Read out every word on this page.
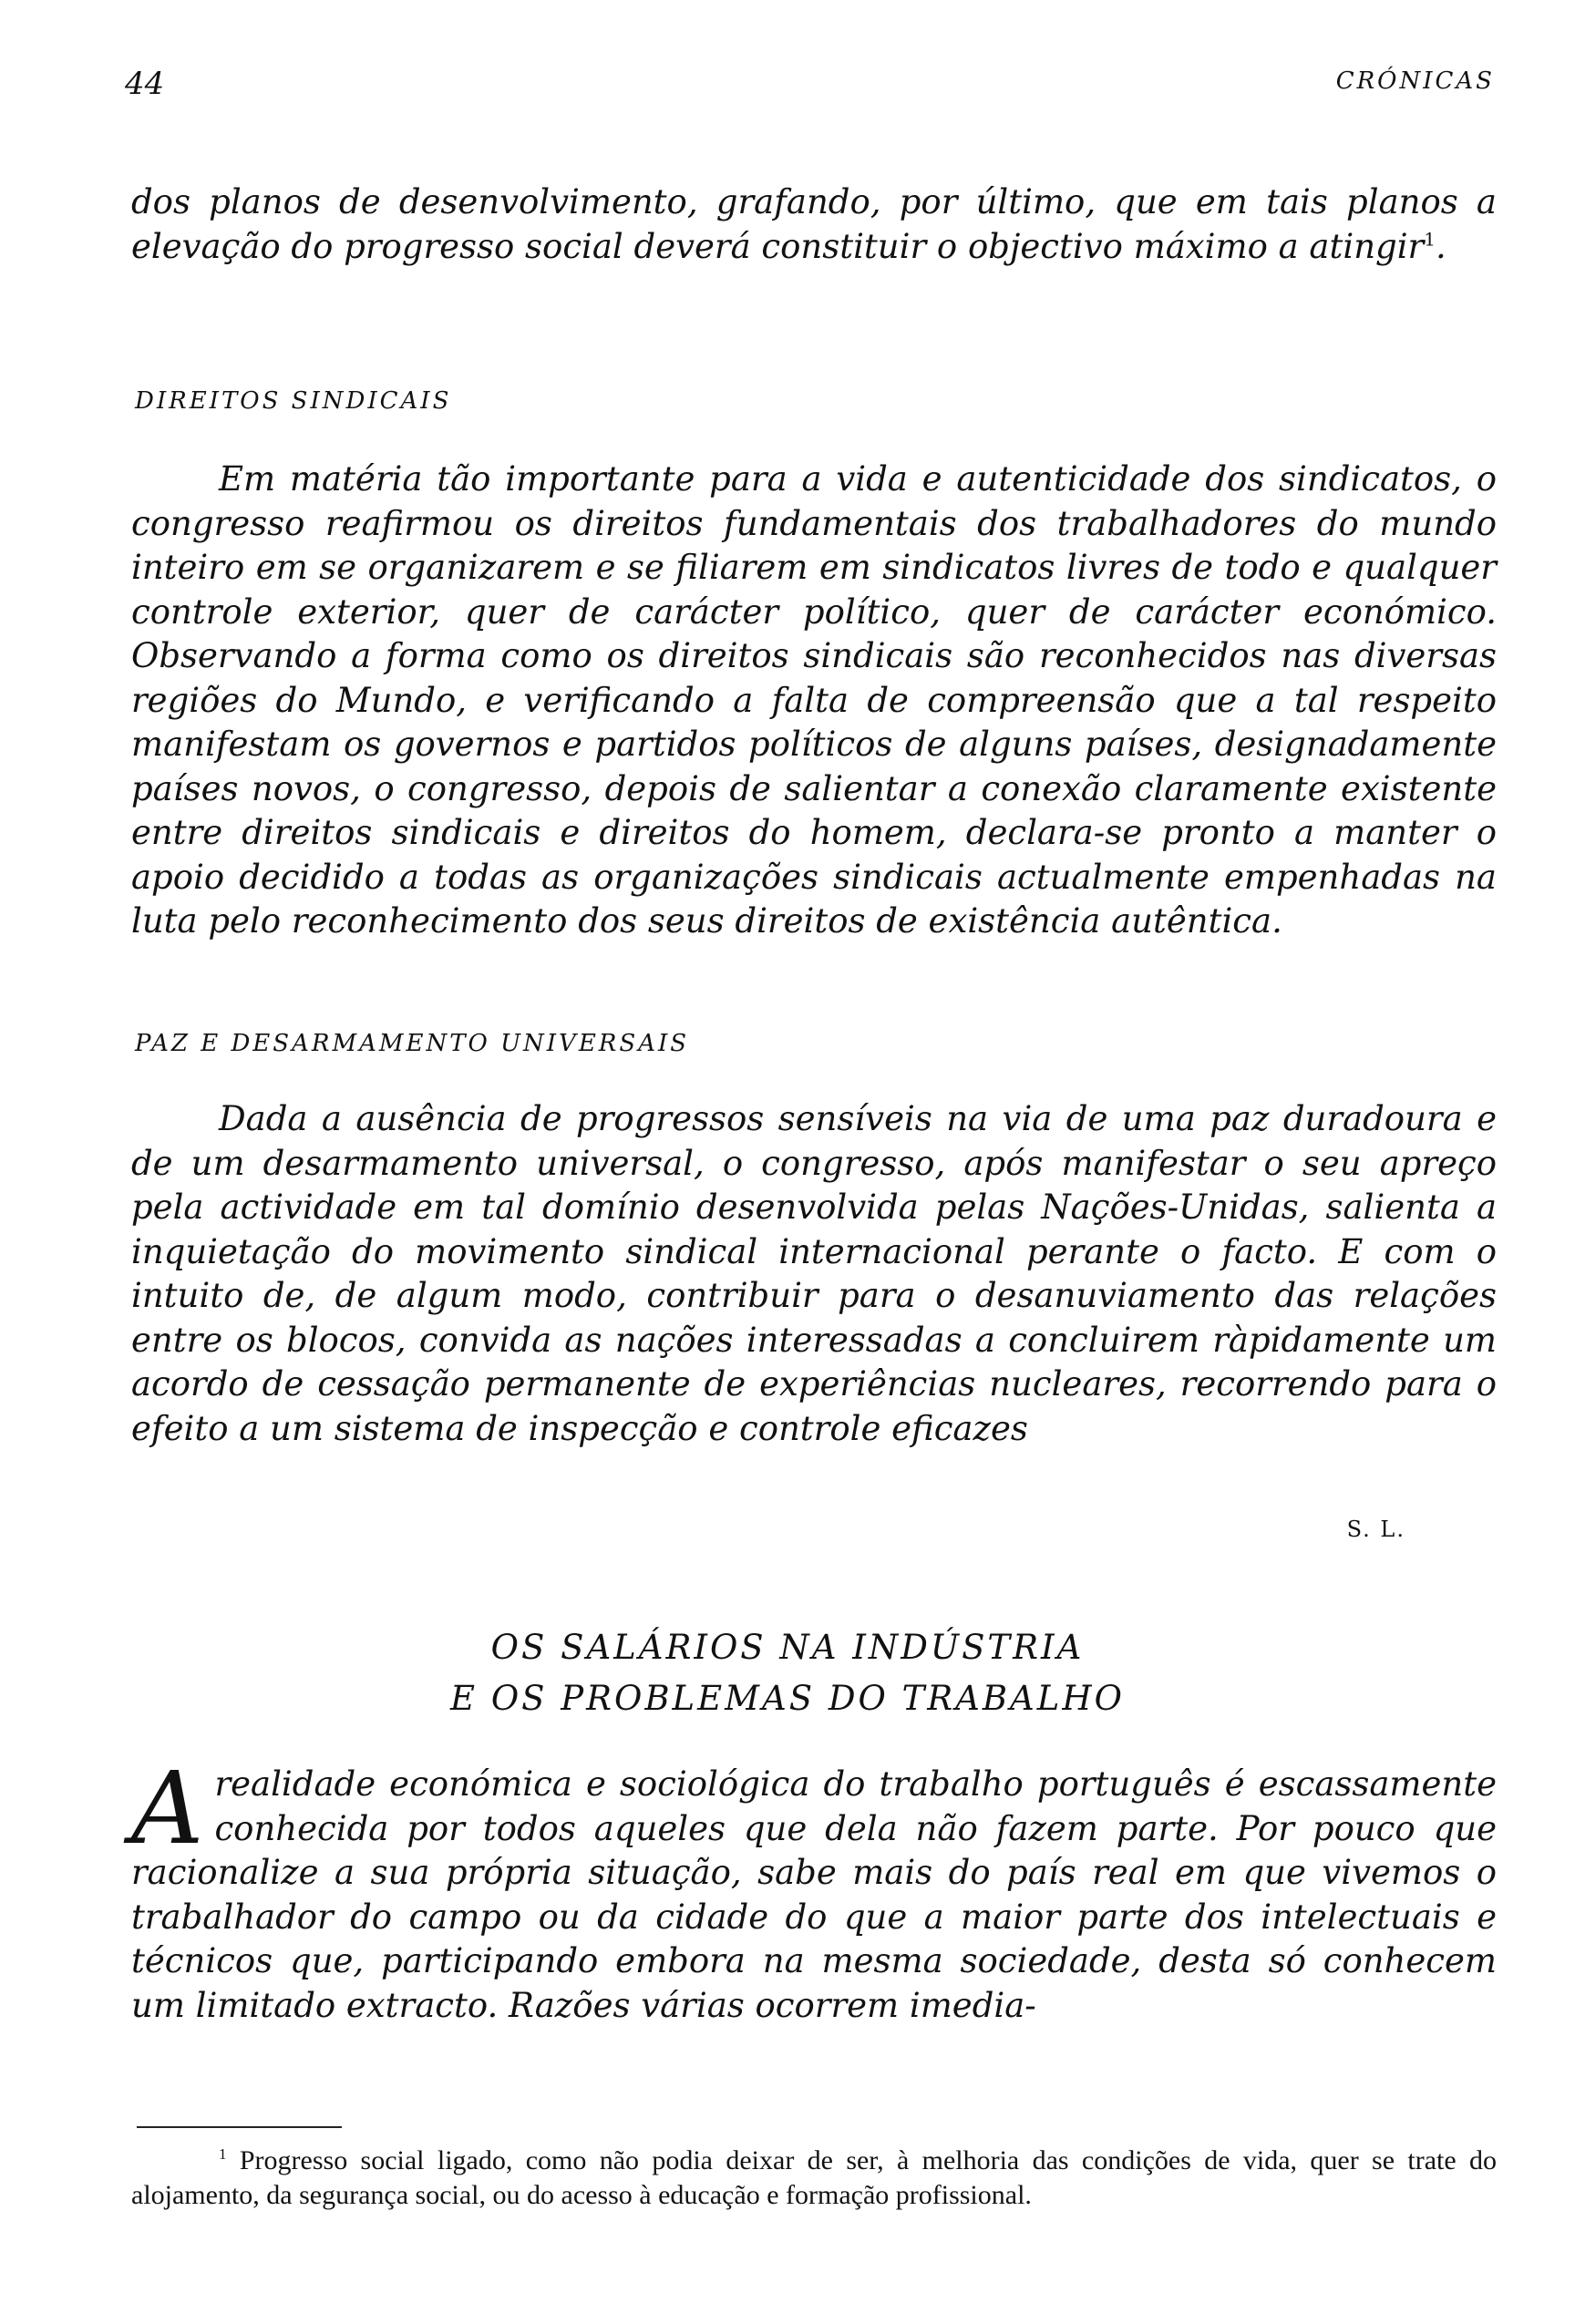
44	CRÓNICAS

dos planos de desenvolvimento, grafando, por último, que em tais planos a elevação do progresso social deverá constituir o objectivo máximo a atingir$^1$.

DIREITOS SINDICAIS

Em matéria tão importante para a vida e autenticidade dos sindicatos, o congresso reafirmou os direitos fundamentais dos trabalhadores do mundo inteiro em se organizarem e se filiarem em sindicatos livres de todo e qualquer controle exterior, quer de carácter político, quer de carácter económico. Observando a forma como os direitos sindicais são reconhecidos nas diversas regiões do Mundo, e verificando a falta de compreensão que a tal respeito manifestam os governos e partidos políticos de alguns países, designadamente países novos, o congresso, depois de salientar a conexão claramente existente entre direitos sindicais e direitos do homem, declara-se pronto a manter o apoio decidido a todas as organizações sindicais actualmente empenhadas na luta pelo reconhecimento dos seus direitos de existência autêntica.

PAZ E DESARMAMENTO UNIVERSAIS

Dada a ausência de progressos sensíveis na via de uma paz duradoura e de um desarmamento universal, o congresso, após manifestar o seu apreço pela actividade em tal domínio desenvolvida pelas Nações-Unidas, salienta a inquietação do movimento sindical internacional perante o facto. E com o intuito de, de algum modo, contribuir para o desanuviamento das relações entre os blocos, convida as nações interessadas a concluirem ràpidamente um acordo de cessação permanente de experiências nucleares, recorrendo para o efeito a um sistema de inspecção e controle eficazes

S. L.
OS SALÁRIOS NA INDÚSTRIA
E OS PROBLEMAS DO TRABALHO

Arealidade económica e sociológica do trabalho português é escassamente conhecida por todos aqueles que dela não fazem parte. Por pouco que racionalize a sua própria situação, sabe mais do país real em que vivemos o trabalhador do campo ou da cidade do que a maior parte dos intelectuais e técnicos que, participando embora na mesma sociedade, desta só conhecem um limitado extracto. Razões várias ocorrem imedia-

$^1$ Progresso social ligado, como não podia deixar de ser, à melhoria das condições de vida, quer se trate do alojamento, da segurança social, ou do acesso à educação e formação profissional.
